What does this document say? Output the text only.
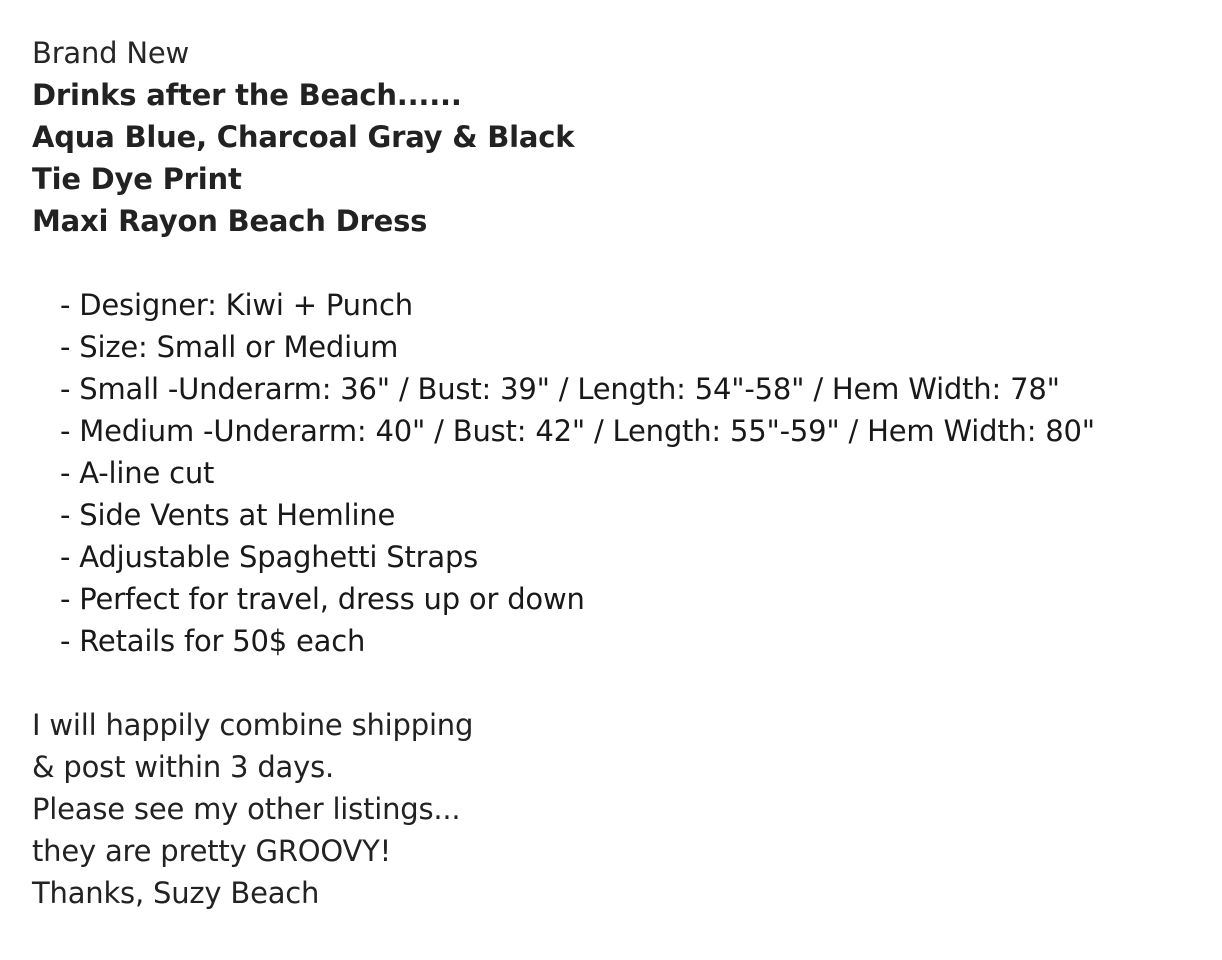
Brand New
Drinks after the Beach......
Aqua Blue, Charcoal Gray & Black
Tie Dye Print
Maxi Rayon Beach Dress
- Designer: Kiwi + Punch
- Size: Small or Medium
- Small -Underarm: 36" / Bust: 39" / Length: 54"-58" / Hem Width: 78"
- Medium -Underarm: 40" / Bust: 42" / Length: 55"-59" / Hem Width: 80"
- A-line cut
- Side Vents at Hemline
- Adjustable Spaghetti Straps
- Perfect for travel, dress up or down
- Retails for 50$ each
I will happily combine shipping
& post within 3 days.
Please see my other listings...
they are pretty GROOVY!
Thanks, Suzy Beach
